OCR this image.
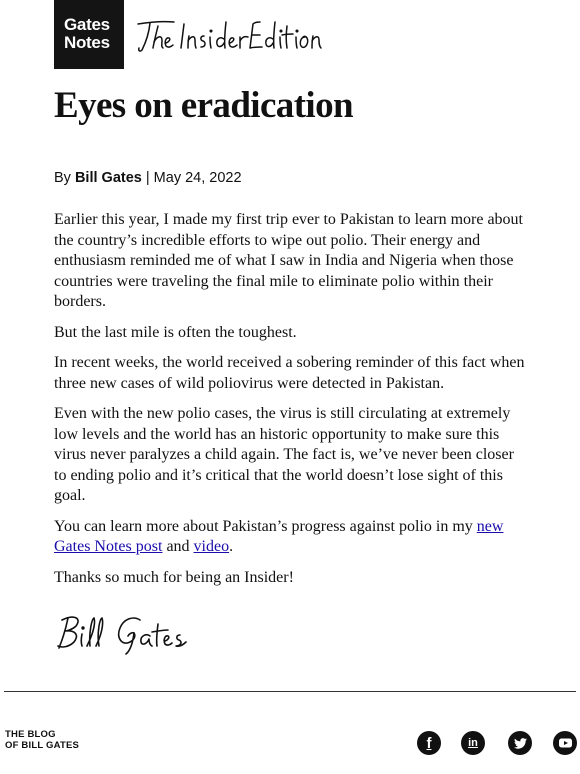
Gates
Notes
Eyes on eradication
By Bill Gates | May 24, 2022

Earlier this year, I made my first trip ever to Pakistan to learn more about the country’s incredible efforts to wipe out polio. Their energy and enthusiasm reminded me of what I saw in India and Nigeria when those countries were traveling the final mile to eliminate polio within their borders.

But the last mile is often the toughest.

In recent weeks, the world received a sobering reminder of this fact when three new cases of wild poliovirus were detected in Pakistan.

Even with the new polio cases, the virus is still circulating at extremely low levels and the world has an historic opportunity to make sure this virus never paralyzes a child again. The fact is, we’ve never been closer to ending polio and it’s critical that the world doesn’t lose sight of this goal.

You can learn more about Pakistan’s progress against polio in my new Gates Notes post and video.

Thanks so much for being an Insider!

THE BLOG
OF BILL GATES	f	in
